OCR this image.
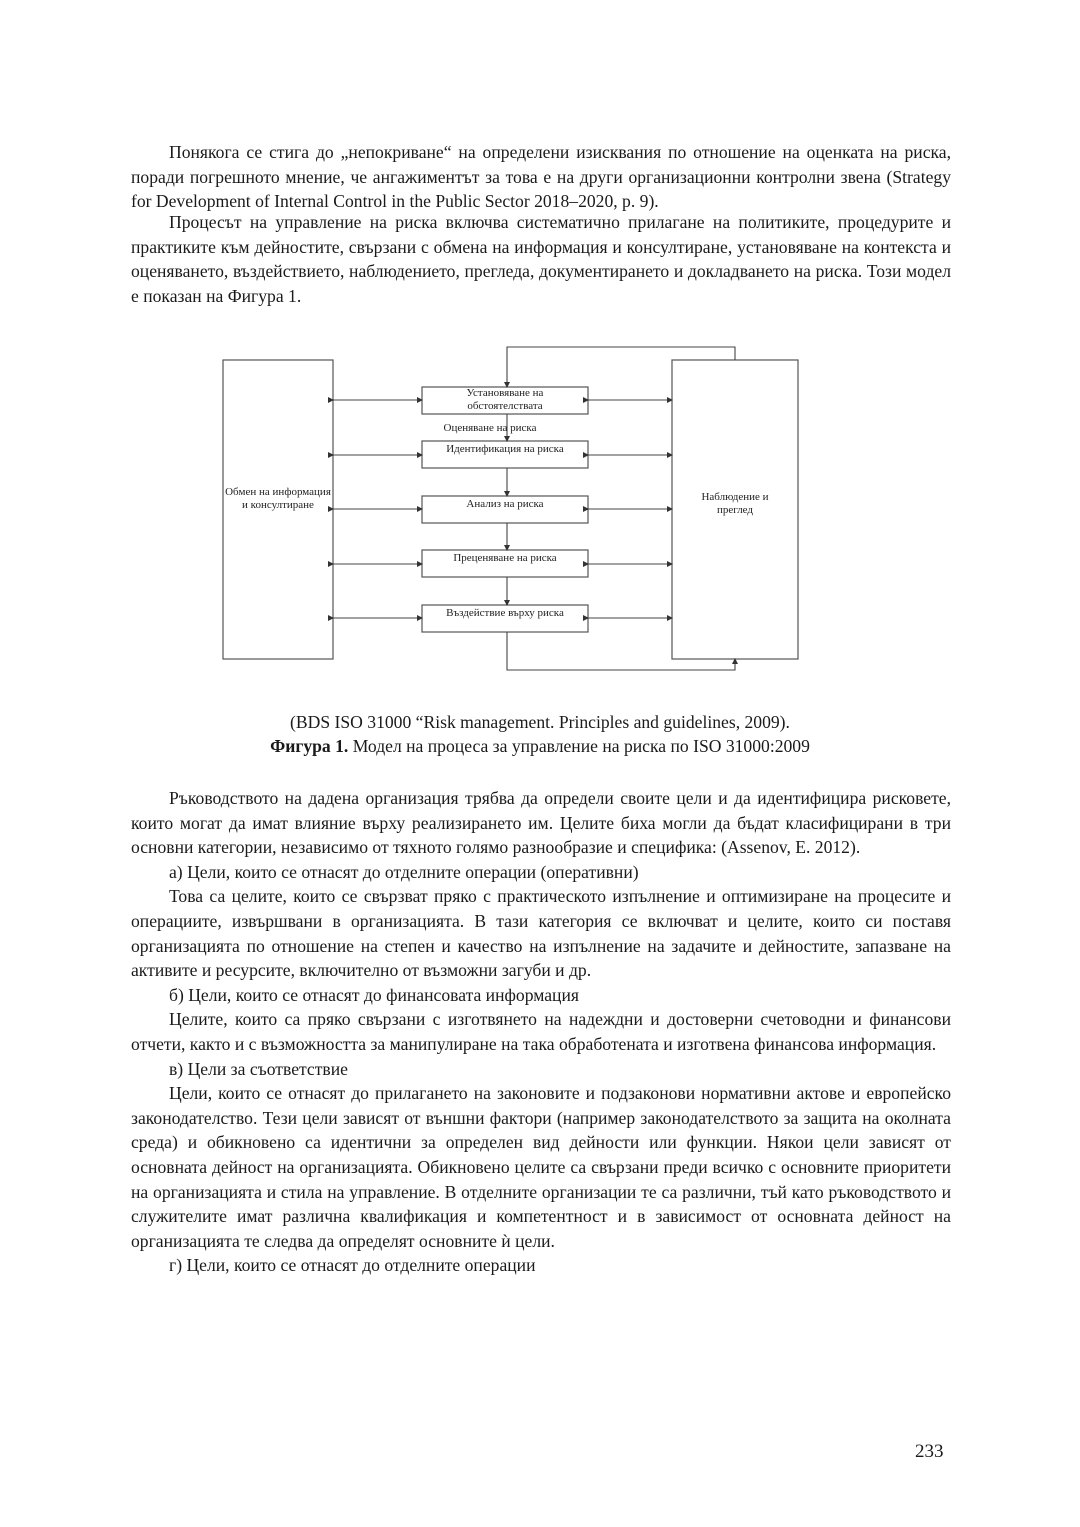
Понякога се стига до „непокриване“ на определени изисквания по отношение на оценката на риска, поради погрешното мнение, че ангажиментът за това е на други организационни контролни звена (Strategy for Development of Internal Control in the Public Sector 2018–2020, p. 9).

Процесът на управление на риска включва систематично прилагане на политиките, процедурите и практиките към дейностите, свързани с обмена на информация и консултиране, установяване на контекста и оценяването, въздействието, наблюдението, прегледа, документирането и докладването на риска. Този модел е показан на Фигура 1.

Обмен на информация и консултиране
Наблюдение и преглед
Установяване на обстоятелствата
Оценяване на риска
Идентификация на риска
Анализ на риска
Преценяване на риска
Въздействие върху риска
(BDS ISO 31000 “Risk management. Principles and guidelines, 2009).
Фигура 1. Модел на процеса за управление на риска по ISO 31000:2009

Ръководството на дадена организация трябва да определи своите цели и да идентифицира рисковете, които могат да имат влияние върху реализирането им. Целите биха могли да бъдат класифицирани в три основни категории, независимо от тяхното голямо разнообразие и специфика: (Assenov, E. 2012).

а) Цели, които се отнасят до отделните операции (оперативни)

Това са целите, които се свързват пряко с практическото изпълнение и оптимизиране на процесите и операциите, извършвани в организацията. В тази категория се включват и целите, които си поставя организацията по отношение на степен и качество на изпълнение на задачите и дейностите, запазване на активите и ресурсите, включително от възможни загуби и др.

б) Цели, които се отнасят до финансовата информация

Целите, които са пряко свързани с изготвянето на надеждни и достоверни счетоводни и финансови отчети, както и с възможността за манипулиране на така обработената и изготвена финансова информация.

в) Цели за съответствие

Цели, които се отнасят до прилагането на законовите и подзаконови нормативни актове и европейско законодателство. Тези цели зависят от външни фактори (например законодателството за защита на околната среда) и обикновено са идентични за определен вид дейности или функции. Някои цели зависят от основната дейност на организацията. Обикновено целите са свързани преди всичко с основните приоритети на организацията и стила на управление. В отделните организации те са различни, тъй като ръководството и служителите имат различна квалификация и компетентност и в зависимост от основната дейност на организацията те следва да определят основните ѝ цели.

г) Цели, които се отнасят до отделните операции

233
